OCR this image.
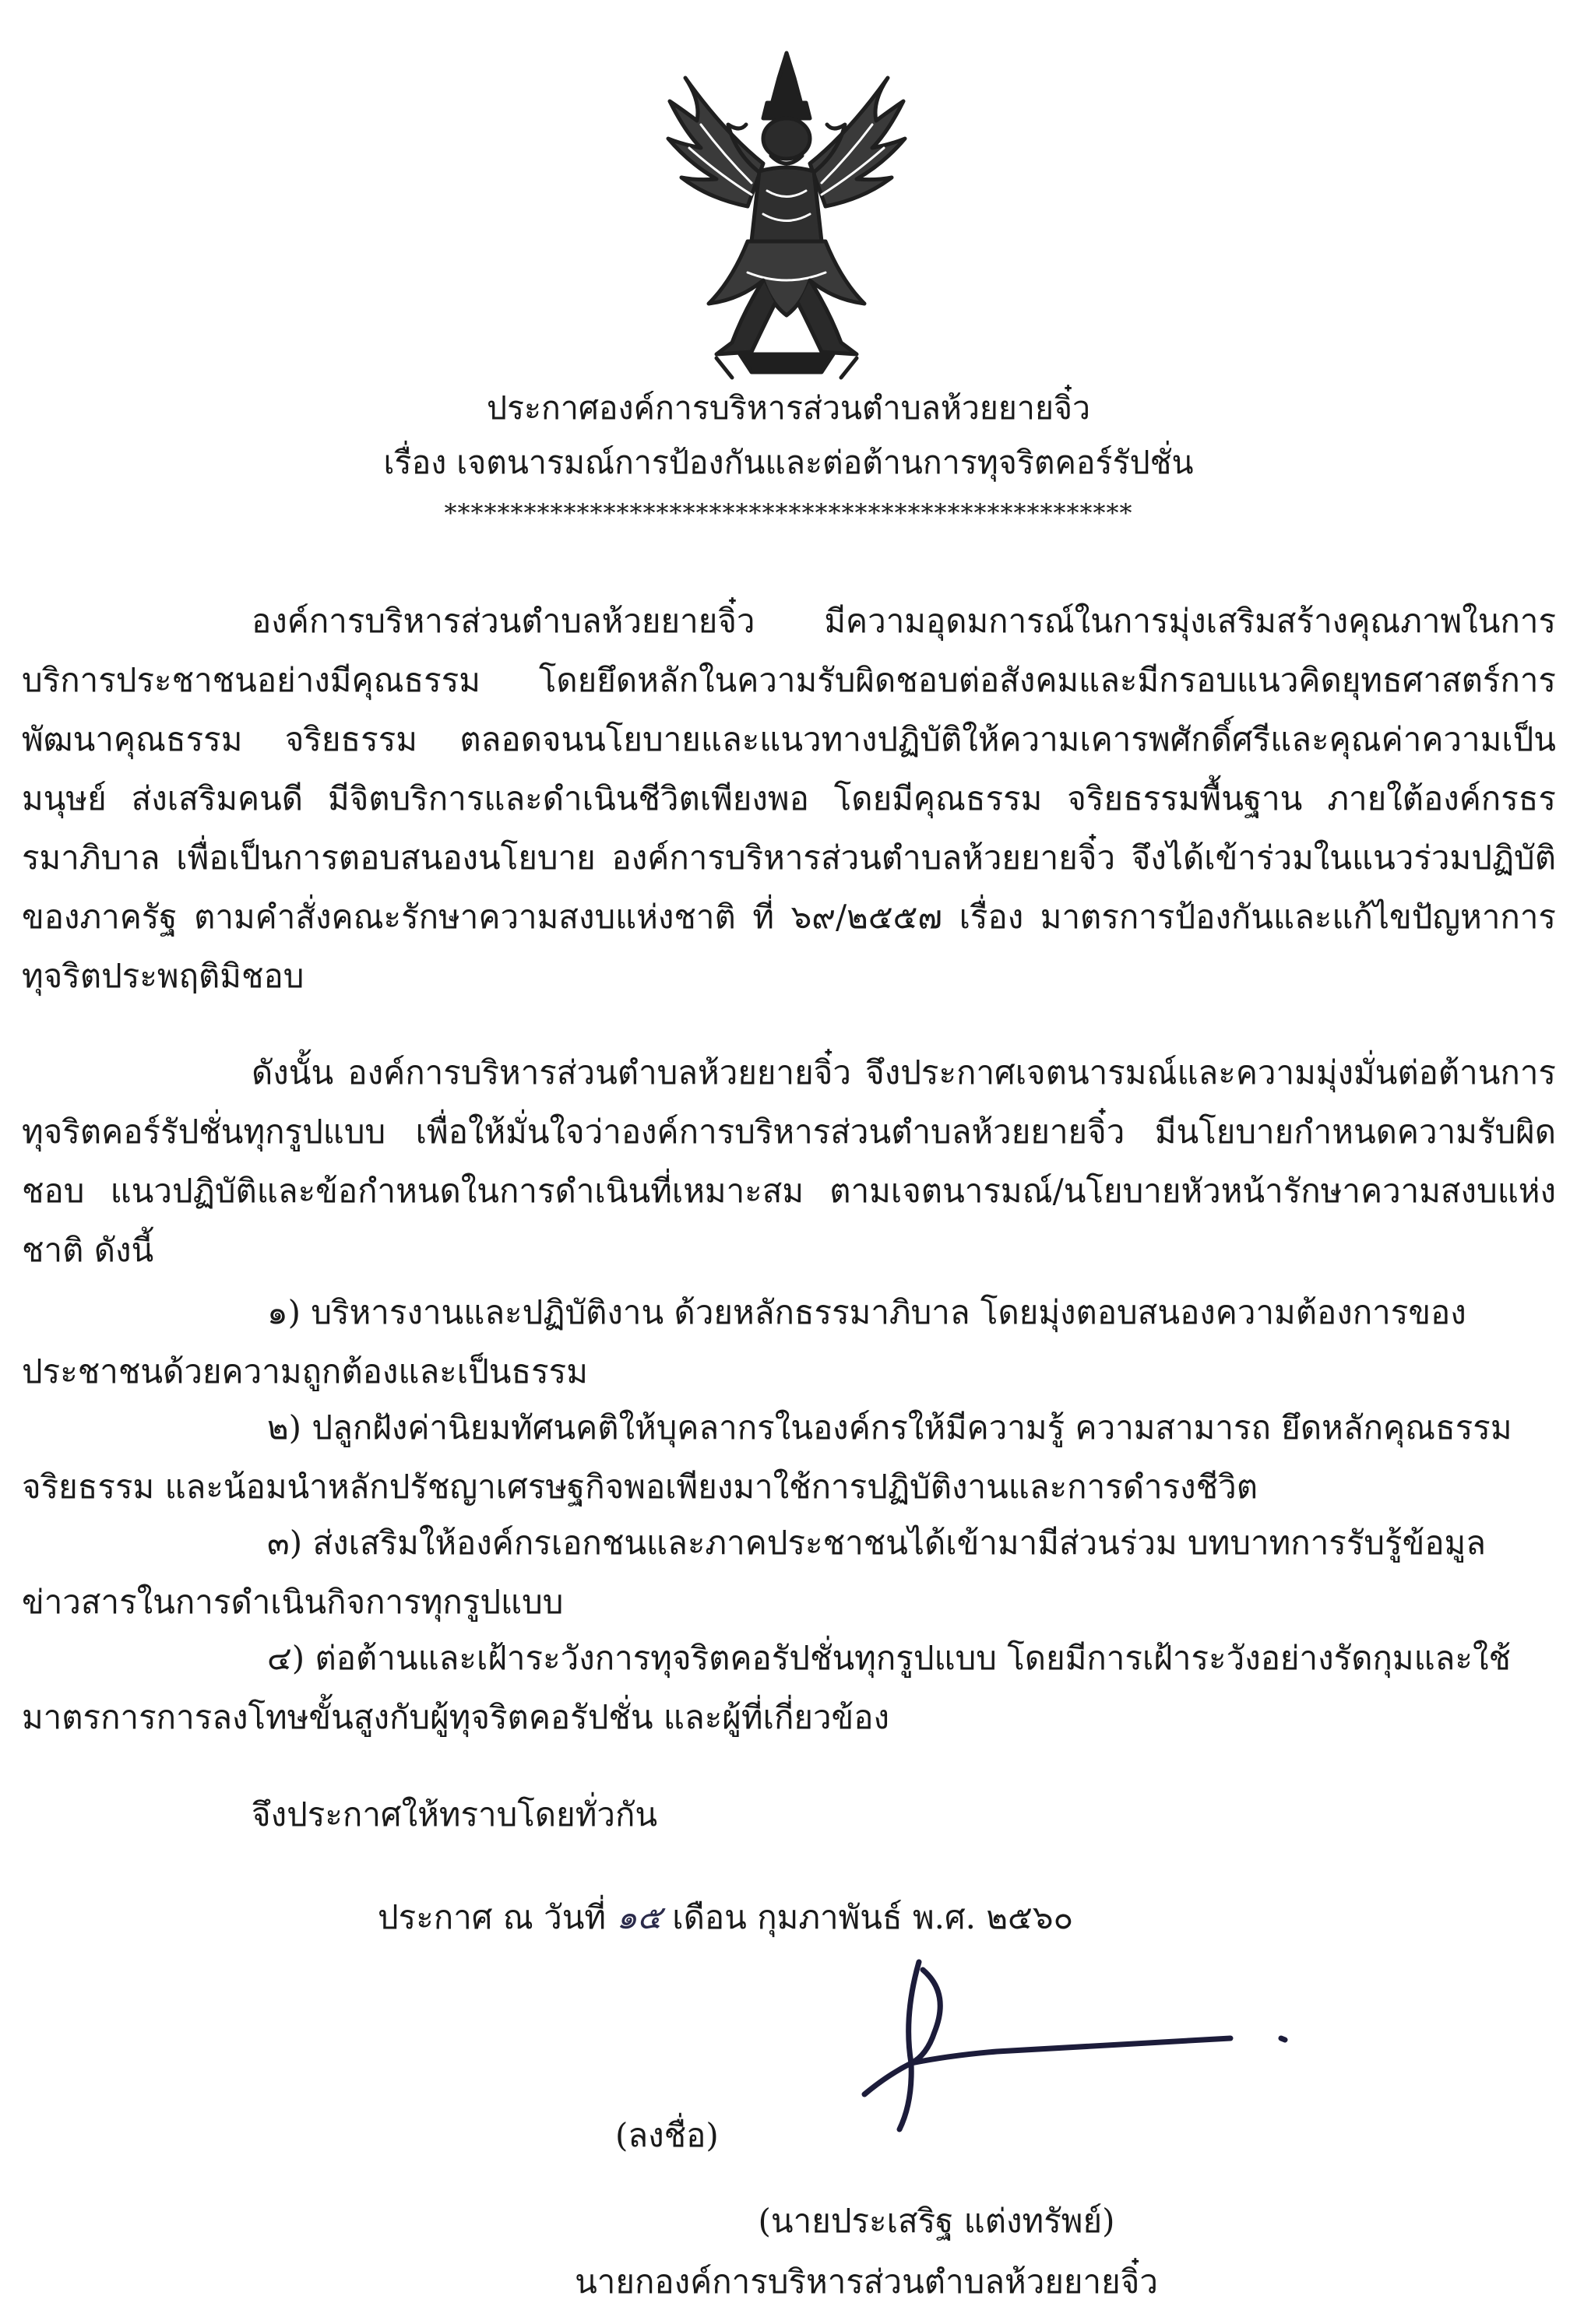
ประกาศองค์การบริหารส่วนตำบลห้วยยายจิ๋ว
เรื่อง เจตนารมณ์การป้องกันและต่อต้านการทุจริตคอร์รัปชั่น
****************************************************

องค์การบริหารส่วนตำบลห้วยยายจิ๋ว มีความอุดมการณ์ในการมุ่งเสริมสร้างคุณภาพในการบริการประชาชนอย่างมีคุณธรรม โดยยึดหลักในความรับผิดชอบต่อสังคมและมีกรอบแนวคิดยุทธศาสตร์การพัฒนาคุณธรรม จริยธรรม ตลอดจนนโยบายและแนวทางปฏิบัติให้ความเคารพศักดิ์ศรีและคุณค่าความเป็นมนุษย์ ส่งเสริมคนดี มีจิตบริการและดำเนินชีวิตเพียงพอ โดยมีคุณธรรม จริยธรรมพื้นฐาน ภายใต้องค์กรธรรมาภิบาล เพื่อเป็นการตอบสนองนโยบาย องค์การบริหารส่วนตำบลห้วยยายจิ๋ว จึงได้เข้าร่วมในแนวร่วมปฏิบัติของภาครัฐ ตามคำสั่งคณะรักษาความสงบแห่งชาติ ที่ ๖๙/๒๕๕๗ เรื่อง มาตรการป้องกันและแก้ไขปัญหาการทุจริตประพฤติมิชอบ

ดังนั้น องค์การบริหารส่วนตำบลห้วยยายจิ๋ว จึงประกาศเจตนารมณ์และความมุ่งมั่นต่อต้านการทุจริตคอร์รัปชั่นทุกรูปแบบ เพื่อให้มั่นใจว่าองค์การบริหารส่วนตำบลห้วยยายจิ๋ว มีนโยบายกำหนดความรับผิดชอบ แนวปฏิบัติและข้อกำหนดในการดำเนินที่เหมาะสม ตามเจตนารมณ์/นโยบายหัวหน้ารักษาความสงบแห่งชาติ ดังนี้

๑) บริหารงานและปฏิบัติงาน ด้วยหลักธรรมาภิบาล โดยมุ่งตอบสนองความต้องการของประชาชนด้วยความถูกต้องและเป็นธรรม

๒) ปลูกฝังค่านิยมทัศนคติให้บุคลากรในองค์กรให้มีความรู้ ความสามารถ ยึดหลักคุณธรรมจริยธรรม และน้อมนำหลักปรัชญาเศรษฐกิจพอเพียงมาใช้การปฏิบัติงานและการดำรงชีวิต

๓) ส่งเสริมให้องค์กรเอกชนและภาคประชาชนได้เข้ามามีส่วนร่วม บทบาทการรับรู้ข้อมูลข่าวสารในการดำเนินกิจการทุกรูปแบบ

๔) ต่อต้านและเฝ้าระวังการทุจริตคอรัปชั่นทุกรูปแบบ โดยมีการเฝ้าระวังอย่างรัดกุมและใช้มาตรการการลงโทษขั้นสูงกับผู้ทุจริตคอรัปชั่น และผู้ที่เกี่ยวข้อง

จึงประกาศให้ทราบโดยทั่วกัน

ประกาศ ณ วันที่ ๑๕ เดือน กุมภาพันธ์ พ.ศ. ๒๕๖๐

(ลงชื่อ)

(นายประเสริฐ แต่งทรัพย์)

นายกองค์การบริหารส่วนตำบลห้วยยายจิ๋ว
